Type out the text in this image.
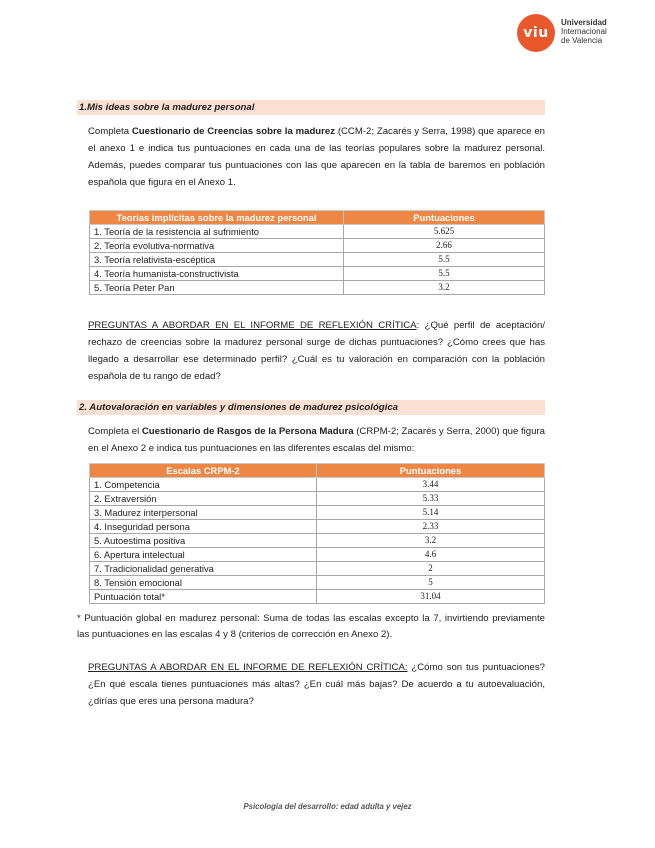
viu
Universidad
Internacional
de Valencia
1.Mis ideas sobre la madurez personal
Completa Cuestionario de Creencias sobre la madurez (CCM-2; Zacarés y Serra, 1998) que aparece en el anexo 1 e indica tus puntuaciones en cada una de las teorías populares sobre la madurez personal. Además, puedes comparar tus puntuaciones con las que aparecen en la tabla de baremos en población española que figura en el Anexo 1.
Teorías implícitas sobre la madurez personal	Puntuaciones
1. Teoría de la resistencia al sufrimiento	5.625
2. Teoría evolutiva-normativa	2.66
3. Teoría relativista-escéptica	5.5
4. Teoría humanista-constructivista	5.5
5. Teoría Peter Pan	3.2
PREGUNTAS A ABORDAR EN EL INFORME DE REFLEXIÓN CRÍTICA: ¿Qué perfil de aceptación/ rechazo de creencias sobre la madurez personal surge de dichas puntuaciones? ¿Cómo crees que has llegado a desarrollar ese determinado perfil? ¿Cuál es tu valoración en comparación con la población española de tu rango de edad?
2. Autovaloración en variables y dimensiones de madurez psicológica
Completa el Cuestionario de Rasgos de la Persona Madura (CRPM-2; Zacarés y Serra, 2000) que figura en el Anexo 2 e indica tus puntuaciones en las diferentes escalas del mismo:
Escalas CRPM-2	Puntuaciones
1. Competencia	3.44
2. Extraversión	5.33
3. Madurez interpersonal	5.14
4. Inseguridad persona	2.33
5. Autoestima positiva	3.2
6. Apertura intelectual	4.6
7. Tradicionalidad generativa	2
8. Tensión emocional	5
Puntuación total*	31.04
* Puntuación global en madurez personal: Suma de todas las escalas excepto la 7, invirtiendo previamente las puntuaciones en las escalas 4 y 8 (criterios de corrección en Anexo 2).
PREGUNTAS A ABORDAR EN EL INFORME DE REFLEXIÓN CRÍTICA: ¿Cómo son tus puntuaciones? ¿En qué escala tienes puntuaciones más altas? ¿En cuál más bajas? De acuerdo a tu autoevaluación, ¿dirías que eres una persona madura?
Psicología del desarrollo: edad adulta y vejez
